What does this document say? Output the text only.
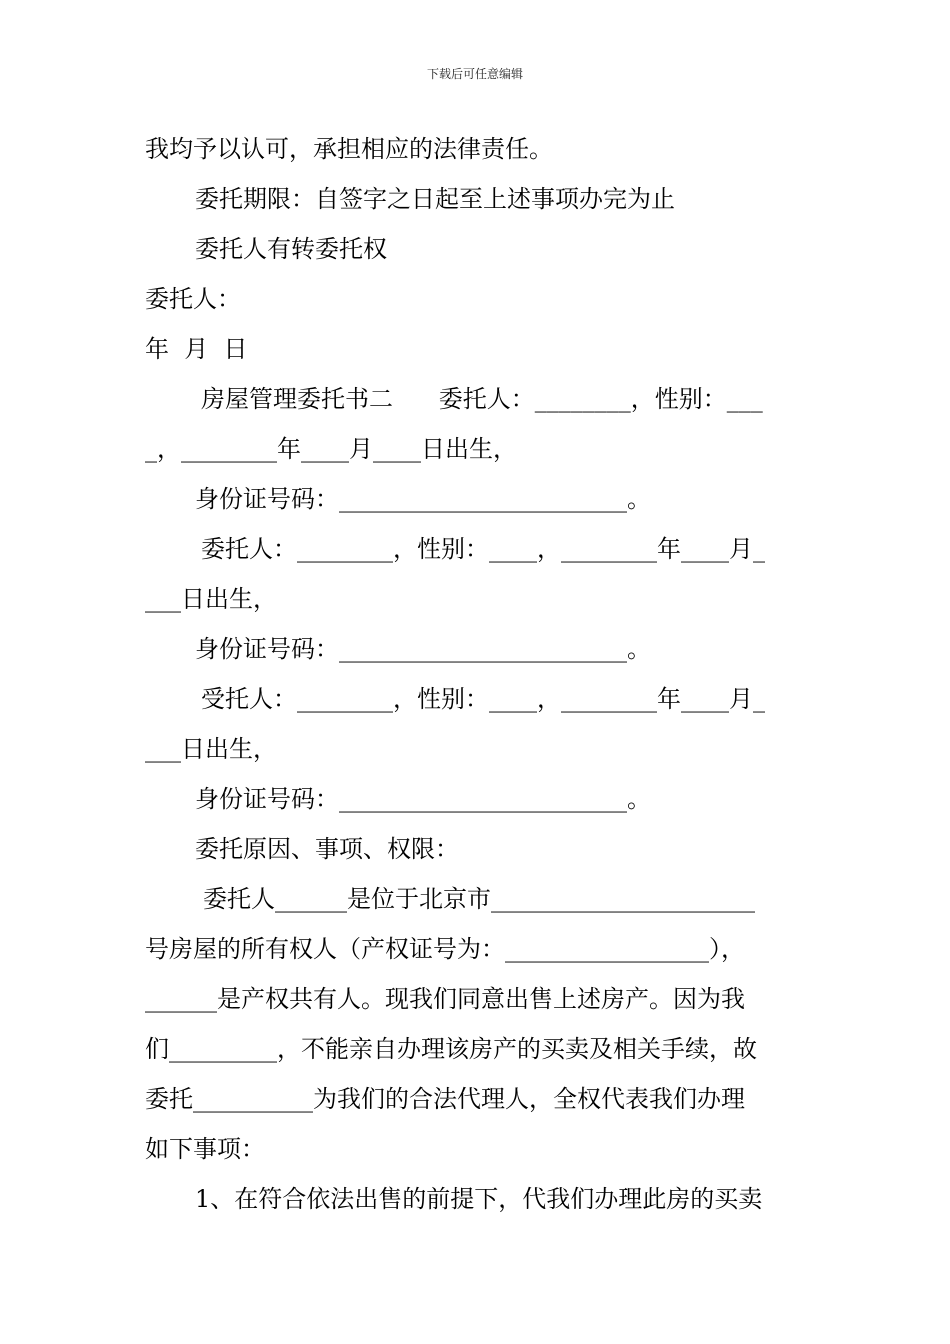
下载后可任意编辑
我均予以认可，承担相应的法律责任。
委托期限：自签字之日起至上述事项办完为止
委托人有转委托权
委托人：
年  月  日
房屋管理委托书二      委托人：________，性别：___
_，________年____月____日出生，
身份证号码：________________________。
委托人：________，性别：____，________年____月_
___日出生，
身份证号码：________________________。
受托人：________，性别：____，________年____月_
___日出生，
身份证号码：________________________。
委托原因、事项、权限：
委托人______是位于北京市______________________
号房屋的所有权人（产权证号为：_________________），
______是产权共有人。现我们同意出售上述房产。因为我
们_________，不能亲自办理该房产的买卖及相关手续，故
委托__________为我们的合法代理人，全权代表我们办理
如下事项：
1、在符合依法出售的前提下，代我们办理此房的买卖
